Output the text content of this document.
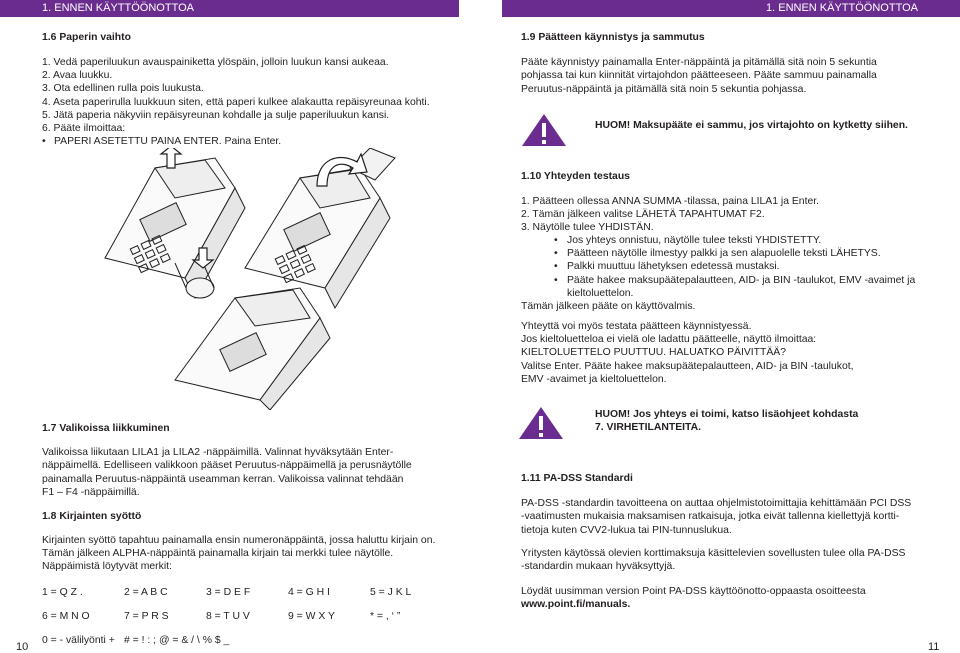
1. ENNEN KÄYTTÖÖNOTTOA	1. ENNEN KÄYTTÖÖNOTTOA
1.6 Paperin vaihto
1. Vedä paperiluukun avauspainiketta ylöspäin, jolloin luukun kansi aukeaa.
2. Avaa luukku.
3. Ota edellinen rulla pois luukusta.
4. Aseta paperirulla luukkuun siten, että paperi kulkee alakautta repäisyreunaa kohti.
5. Jätä paperia näkyviin repäisyreunan kohdalle ja sulje paperiluukun kansi.
6. Pääte ilmoittaa:
• PAPERI ASETETTU PAINA ENTER. Paina Enter.
1.7 Valikoissa liikkuminen
Valikoissa liikutaan LILA1 ja LILA2 -näppäimillä. Valinnat hyväksytään Enter-
näppäimellä. Edelliseen valikkoon pääset Peruutus-näppäimellä ja perusnäytölle
painamalla Peruutus-näppäintä useamman kerran. Valikoissa valinnat tehdään
F1 – F4 -näppäimillä.
1.8 Kirjainten syöttö
Kirjainten syöttö tapahtuu painamalla ensin numeronäppäintä, jossa haluttu kirjain on.
Tämän jälkeen ALPHA-näppäintä painamalla kirjain tai merkki tulee näytölle.
Näppäimistä löytyvät merkit:
1 = Q Z .	2 = A B C	3 = D E F	4 = G H I	5 = J K L
6 = M N O	7 = P R S	8 = T U V	9 = W X Y	* = , ‘ ”
0 = - välilyönti + # = ! : ; @ = & / \ % $ _
10
1.9 Päätteen käynnistys ja sammutus
Pääte käynnistyy painamalla Enter-näppäintä ja pitämällä sitä noin 5 sekuntia
pohjassa tai kun kiinnität virtajohdon päätteeseen. Pääte sammuu painamalla
Peruutus-näppäintä ja pitämällä sitä noin 5 sekuntia pohjassa.
HUOM! Maksupääte ei sammu, jos virtajohto on kytketty siihen.
1.10 Yhteyden testaus
1. Päätteen ollessa ANNA SUMMA -tilassa, paina LILA1 ja Enter.
2. Tämän jälkeen valitse LÄHETÄ TAPAHTUMAT F2.
3. Näytölle tulee YHDISTÄN.
• Jos yhteys onnistuu, näytölle tulee teksti YHDISTETTY.
• Päätteen näytölle ilmestyy palkki ja sen alapuolelle teksti LÄHETYS.
• Palkki muuttuu lähetyksen edetessä mustaksi.
• Pääte hakee maksupäätepalautteen, AID- ja BIN -taulukot, EMV -avaimet ja
kieltoluettelon.
Tämän jälkeen pääte on käyttövalmis.
Yhteyttä voi myös testata päätteen käynnistyessä.
Jos kieltoluetteloa ei vielä ole ladattu päätteelle, näyttö ilmoittaa:
KIELTOLUETTELO PUUTTUU. HALUATKO PÄIVITTÄÄ?
Valitse Enter. Pääte hakee maksupäätepalautteen, AID- ja BIN -taulukot,
EMV -avaimet ja kieltoluettelon.
HUOM! Jos yhteys ei toimi, katso lisäohjeet kohdasta
7. VIRHETILANTEITA.
1.11 PA-DSS Standardi
PA-DSS -standardin tavoitteena on auttaa ohjelmistotoimittajia kehittämään PCI DSS
-vaatimusten mukaisia maksamisen ratkaisuja, jotka eivät tallenna kiellettyjä kortti-
tietoja kuten CVV2-lukua tai PIN-tunnuslukua.
Yritysten käytössä olevien korttimaksuja käsittelevien sovellusten tulee olla PA-DSS
-standardin mukaan hyväksyttyjä.
Löydät uusimman version Point PA-DSS käyttöönotto-oppaasta osoitteesta
www.point.fi/manuals.
11
